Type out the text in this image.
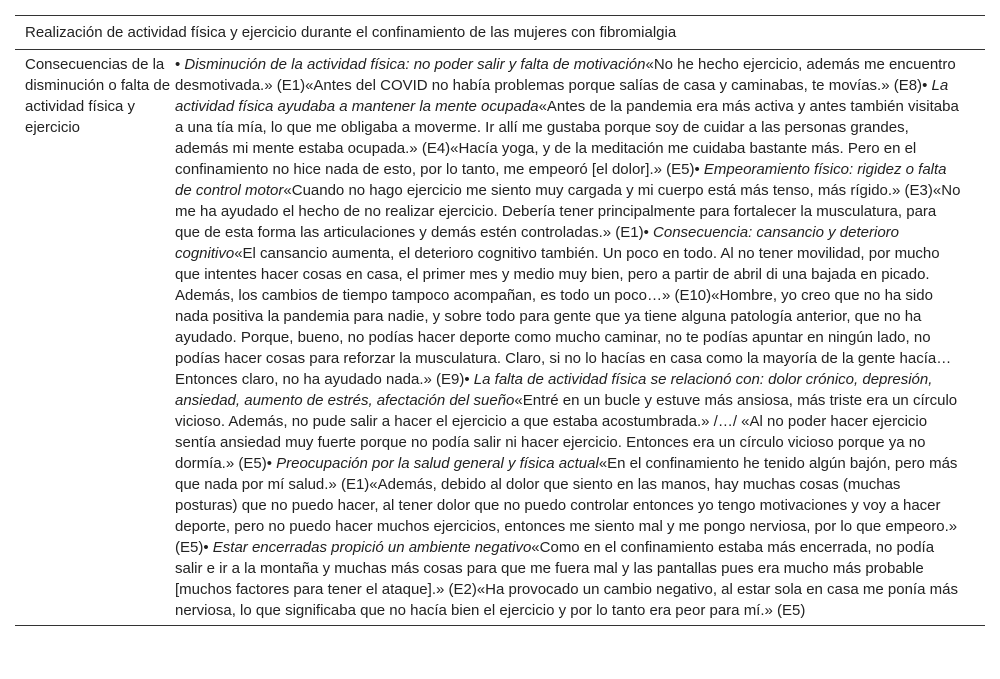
Realización de actividad física y ejercicio durante el confinamiento de las mujeres con fibromialgia
Consecuencias de la disminución o falta de actividad física y ejercicio
• Disminución de la actividad física: no poder salir y falta de motivación«No he hecho ejercicio, además me encuentro desmotivada.» (E1)«Antes del COVID no había problemas porque salías de casa y caminabas, te movías.» (E8)• La actividad física ayudaba a mantener la mente ocupada«Antes de la pandemia era más activa y antes también visitaba a una tía mía, lo que me obligaba a moverme. Ir allí me gustaba porque soy de cuidar a las personas grandes, además mi mente estaba ocupada.» (E4)«Hacía yoga, y de la meditación me cuidaba bastante más. Pero en el confinamiento no hice nada de esto, por lo tanto, me empeoró [el dolor].» (E5)• Empeoramiento físico: rigidez o falta de control motor«Cuando no hago ejercicio me siento muy cargada y mi cuerpo está más tenso, más rígido.» (E3)«No me ha ayudado el hecho de no realizar ejercicio. Debería tener principalmente para fortalecer la musculatura, para que de esta forma las articulaciones y demás estén controladas.» (E1)• Consecuencia: cansancio y deterioro cognitivo«El cansancio aumenta, el deterioro cognitivo también. Un poco en todo. Al no tener movilidad, por mucho que intentes hacer cosas en casa, el primer mes y medio muy bien, pero a partir de abril di una bajada en picado. Además, los cambios de tiempo tampoco acompañan, es todo un poco…» (E10)«Hombre, yo creo que no ha sido nada positiva la pandemia para nadie, y sobre todo para gente que ya tiene alguna patología anterior, que no ha ayudado. Porque, bueno, no podías hacer deporte como mucho caminar, no te podías apuntar en ningún lado, no podías hacer cosas para reforzar la musculatura. Claro, si no lo hacías en casa como la mayoría de la gente hacía… Entonces claro, no ha ayudado nada.» (E9)• La falta de actividad física se relacionó con: dolor crónico, depresión, ansiedad, aumento de estrés, afectación del sueño«Entré en un bucle y estuve más ansiosa, más triste era un círculo vicioso. Además, no pude salir a hacer el ejercicio a que estaba acostumbrada.» /…/ «Al no poder hacer ejercicio sentía ansiedad muy fuerte porque no podía salir ni hacer ejercicio. Entonces era un círculo vicioso porque ya no dormía.» (E5)• Preocupación por la salud general y física actual«En el confinamiento he tenido algún bajón, pero más que nada por mí salud.» (E1)«Además, debido al dolor que siento en las manos, hay muchas cosas (muchas posturas) que no puedo hacer, al tener dolor que no puedo controlar entonces yo tengo motivaciones y voy a hacer deporte, pero no puedo hacer muchos ejercicios, entonces me siento mal y me pongo nerviosa, por lo que empeoro.» (E5)• Estar encerradas propició un ambiente negativo«Como en el confinamiento estaba más encerrada, no podía salir e ir a la montaña y muchas más cosas para que me fuera mal y las pantallas pues era mucho más probable [muchos factores para tener el ataque].» (E2)«Ha provocado un cambio negativo, al estar sola en casa me ponía más nerviosa, lo que significaba que no hacía bien el ejercicio y por lo tanto era peor para mí.» (E5)
